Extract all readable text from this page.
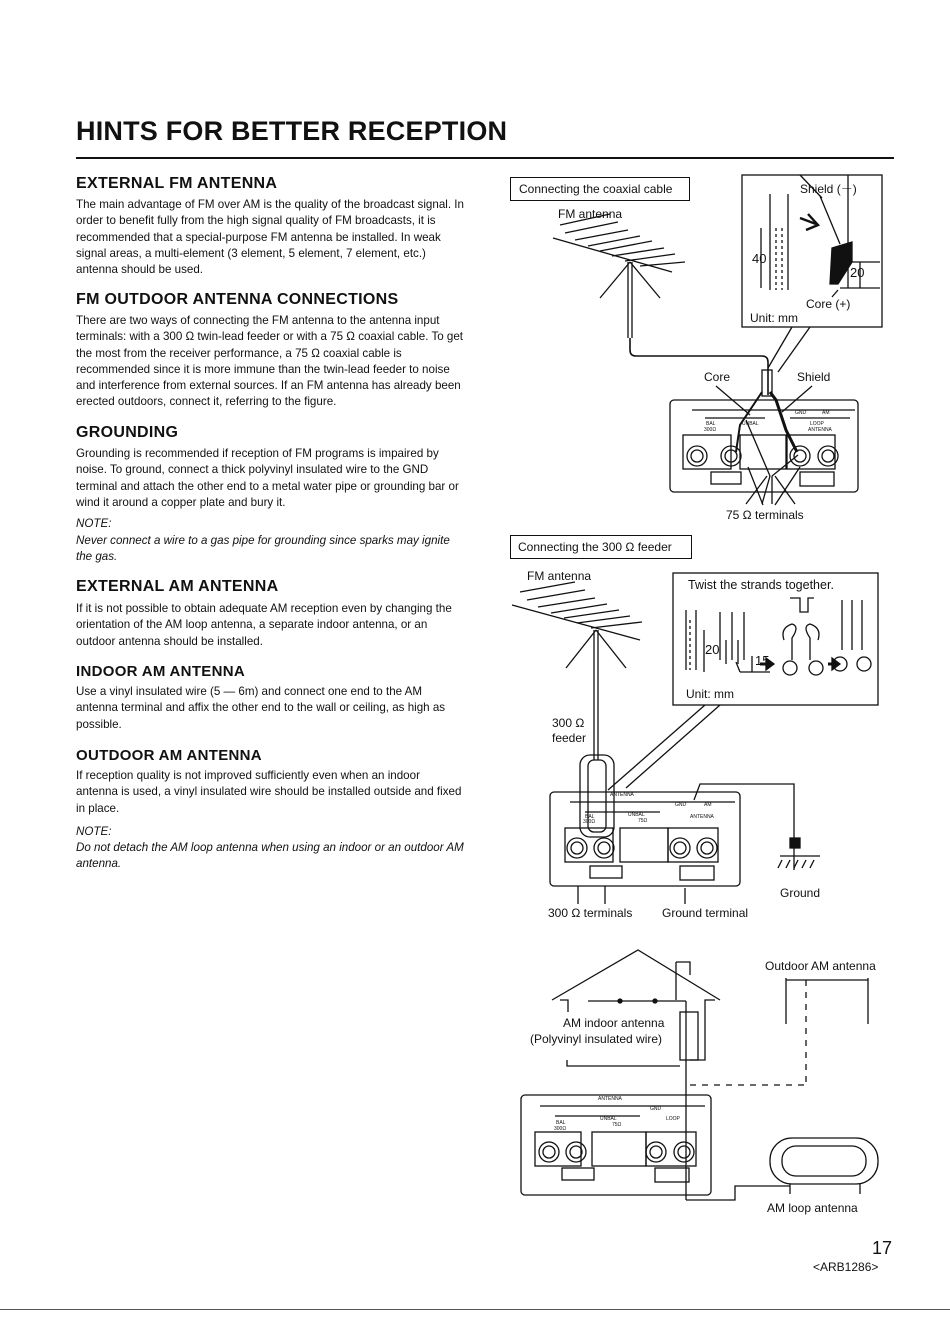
HINTS FOR BETTER RECEPTION
EXTERNAL FM ANTENNA
The main advantage of FM over AM is the quality of the broadcast signal. In order to benefit fully from the high signal quality of FM broadcasts, it is recommended that a special-purpose FM antenna be installed. In weak signal areas, a multi-element (3 element, 5 element, 7 element, etc.) antenna should be used.
FM OUTDOOR ANTENNA CONNECTIONS
There are two ways of connecting the FM antenna to the antenna input terminals: with a 300 Ω twin-lead feeder or with a 75 Ω coaxial cable. To get the most from the receiver performance, a 75 Ω coaxial cable is recommended since it is more immune than the twin-lead feeder to noise and interference from external sources. If an FM antenna has already been erected outdoors, connect it, referring to the figure.
GROUNDING
Grounding is recommended if reception of FM programs is impaired by noise. To ground, connect a thick polyvinyl insulated wire to the GND terminal and attach the other end to a metal water pipe or grounding bar or wind it around a copper plate and bury it.
NOTE:
Never connect a wire to a gas pipe for grounding since sparks may ignite the gas.
EXTERNAL AM ANTENNA
If it is not possible to obtain adequate AM reception even by changing the orientation of the AM loop antenna, a separate indoor antenna, or an outdoor antenna should be installed.
INDOOR AM ANTENNA
Use a vinyl insulated wire (5 — 6m) and connect one end to the AM antenna terminal and affix the other end to the wall or ceiling, as high as possible.
OUTDOOR AM ANTENNA
If reception quality is not improved sufficiently even when an indoor antenna is used, a vinyl insulated wire should be installed outside and fixed in place.
NOTE:
Do not detach the AM loop antenna when using an indoor or an outdoor AM antenna.
Connecting the coaxial cable
FM antenna
BAL
300Ω
UNBAL
GND	AM
LOOP
ANTENNA
ANTENNA
BAL
300Ω
UNBAL
75Ω
GND	AM
ANTENNA
ANTENNA
BAL
300Ω
UNBAL
75Ω
GND
LOOP
Shield (－)
40
20
Core (+)
Unit: mm
Core	Shield
75 Ω terminals
Connecting the 300 Ω feeder
FM antenna
Twist the strands together.
20
15
Unit: mm
300 Ω
feeder
Ground
300 Ω terminals Ground terminal
Outdoor AM antenna
AM indoor antenna
(Polyvinyl insulated wire)
AM loop antenna
17
<ARB1286>
